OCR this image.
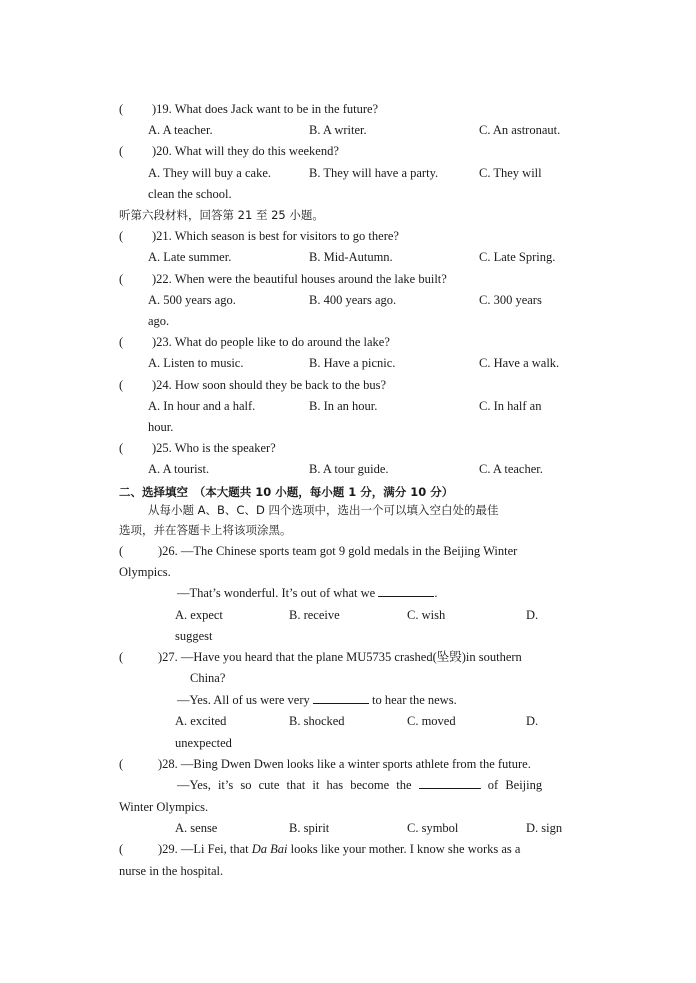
( )19. What does Jack want to be in the future?
A. A teacher.	B. A writer.	C. An astronaut.
( )20. What will they do this weekend?
A. They will buy a cake.	B. They will have a party.	C. They will
clean the school.
听第六段材料，回答第 21 至 25 小题。
( )21. Which season is best for visitors to go there?
A. Late summer.	B. Mid-Autumn.	C. Late Spring.
( )22. When were the beautiful houses around the lake built?
A. 500 years ago.	B. 400 years ago.	C. 300 years
ago.
( )23. What do people like to do around the lake?
A. Listen to music.	B. Have a picnic.	C. Have a walk.
( )24. How soon should they be back to the bus?
A. In hour and a half.	B. In an hour.	C. In half an
hour.
( )25. Who is the speaker?
A. A tourist.	B. A tour guide.	C. A teacher.
二、选择填空　（本大题共 10 小题，每小题 1 分，满分 10 分）
从每小题 A、B、C、D 四个选项中，选出一个可以填入空白处的最佳
选项，并在答题卡上将该项涂黑。
(	)26. —The Chinese sports team got 9 gold medals in the Beijing Winter
Olympics.
—That’s wonderful. It’s out of what we	.
A. expect	B. receive	C. wish	D.
suggest
(	)27. —Have you heard that the plane MU5735 crashed(坠毁)in southern
China?
—Yes. All of us were very	to hear the news.
A. excited	B. shocked	C. moved	D.
unexpected
(	)28. —Bing Dwen Dwen looks like a winter sports athlete from the future.
—Yes, it’s so cute that it has become the	of Beijing
Winter Olympics.
A. sense	B. spirit	C. symbol	D. sign
(	)29. —Li Fei, that Da Bai looks like your mother. I know she works as a
nurse in the hospital.
